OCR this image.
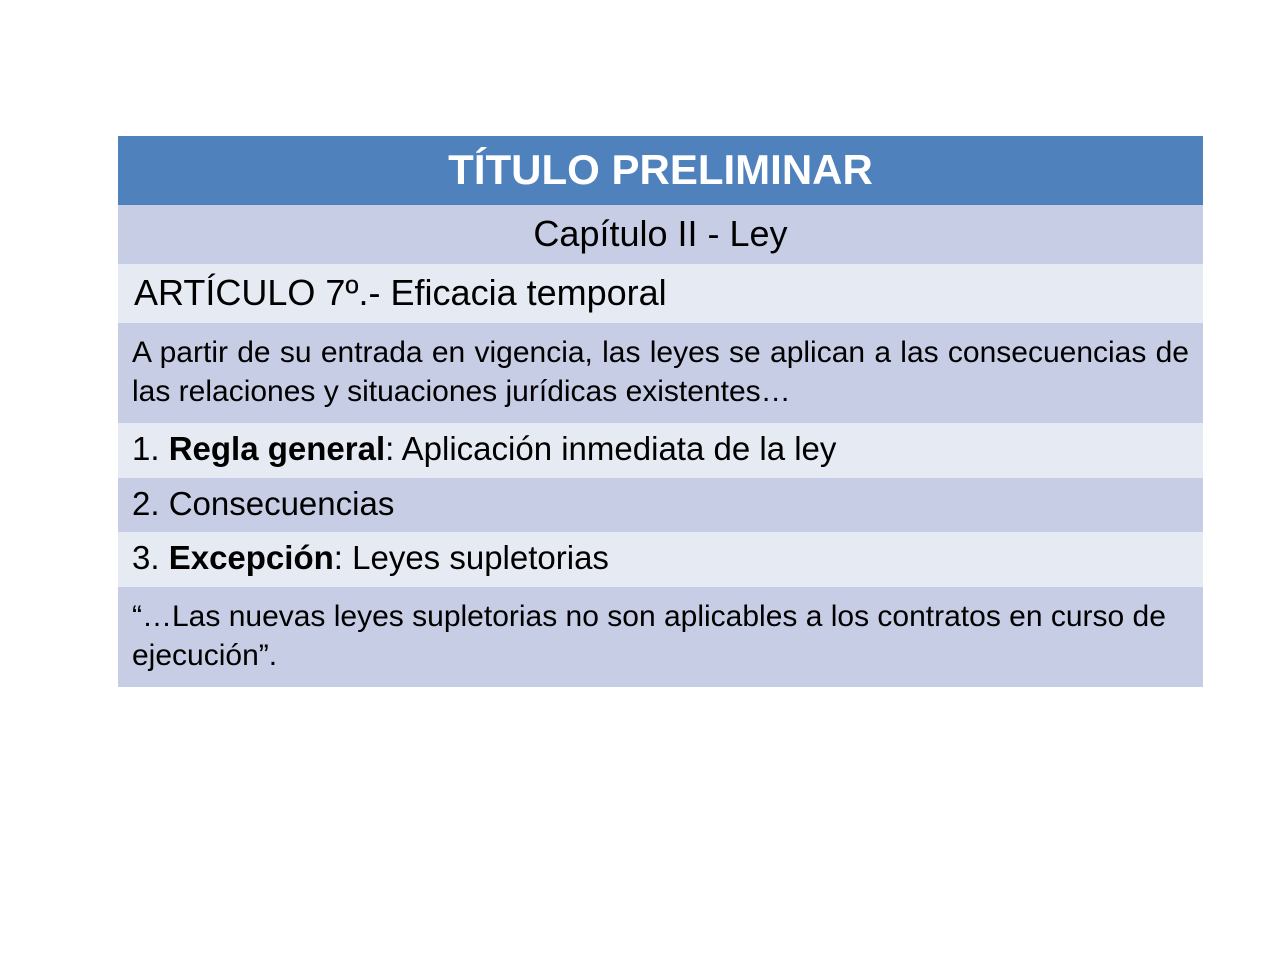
TÍTULO PRELIMINAR
Capítulo II - Ley
ARTÍCULO 7º.- Eficacia temporal
A partir de su entrada en vigencia, las leyes se aplican a las consecuencias de las relaciones y situaciones jurídicas existentes…
1. Regla general: Aplicación inmediata de la ley
2. Consecuencias
3. Excepción: Leyes supletorias
“…Las nuevas leyes supletorias no son aplicables a los contratos en curso de ejecución”.
